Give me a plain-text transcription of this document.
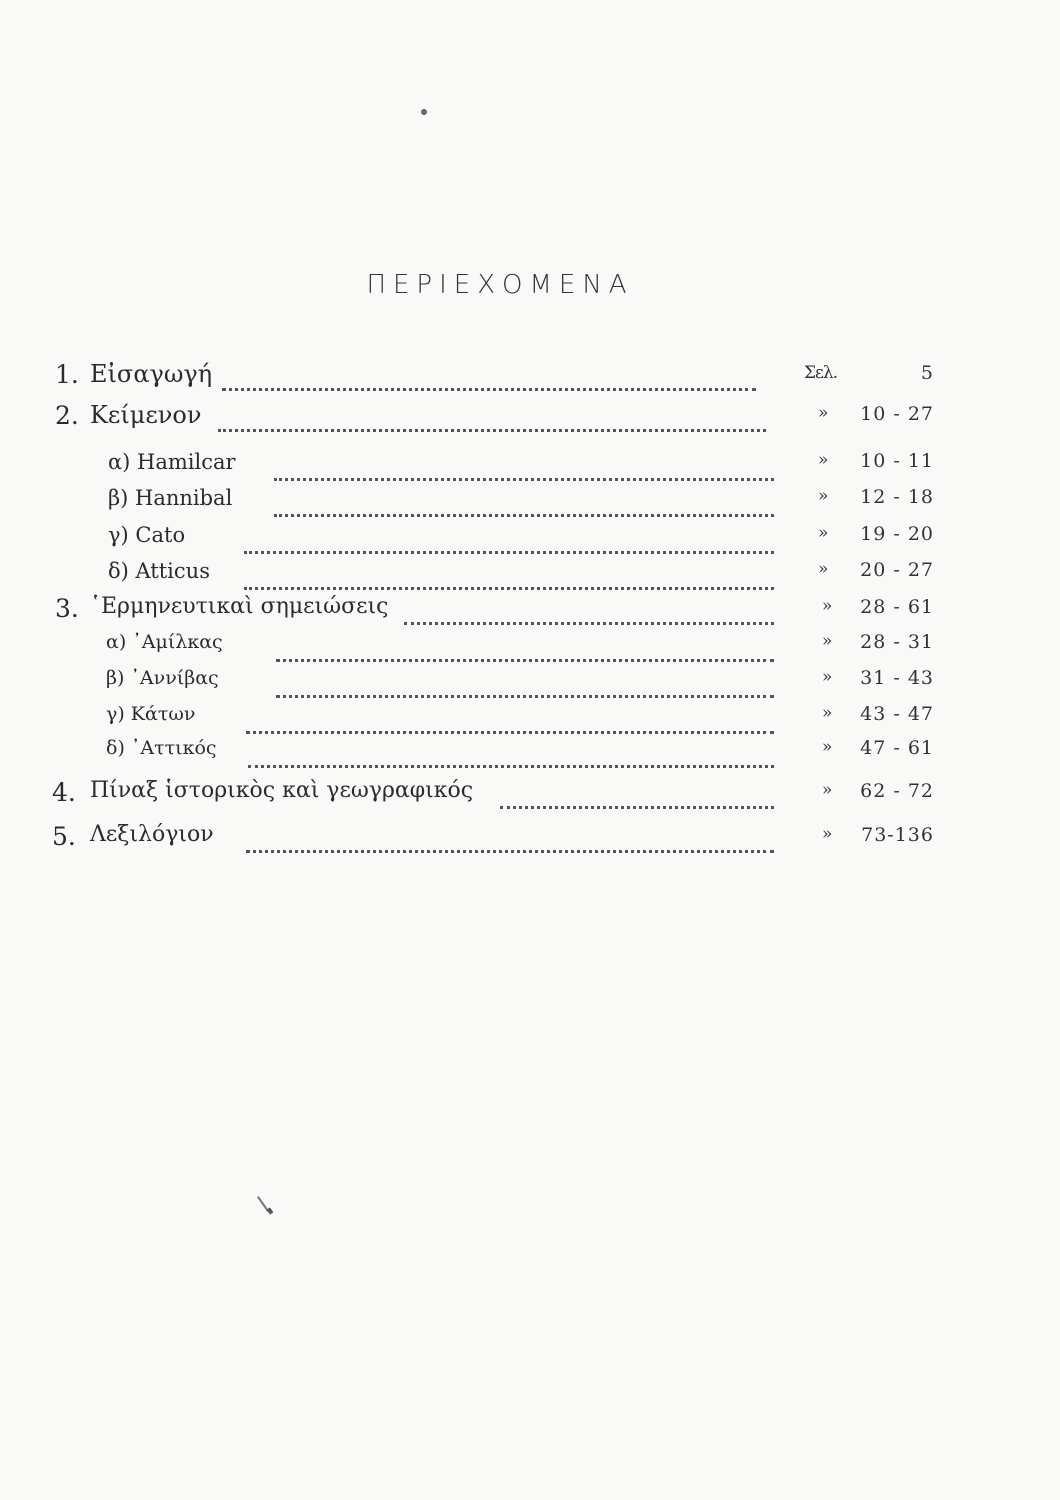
ΠΕΡΙΕΧΟΜΕΝΑ
1. Εἰσαγωγή	Σελ.	5
2. Κείμενον	» 10 - 27
α) Hamilcar	» 10 - 11
β) Hannibal	» 12 - 18
γ) Cato	» 19 - 20
δ) Atticus	» 20 - 27
3. ῾Ερμηνευτικαὶ σημειώσεις	» 28 - 61
α) ᾿Αμίλκας	» 28 - 31
β) ᾿Αννίβας	» 31 - 43
γ) Κάτων	» 43 - 47
δ) ᾿Αττικός	» 47 - 61
4. Πίναξ ἱστορικὸς καὶ γεωγραφικός	» 62 - 72
5. Λεξιλόγιον	» 73-136
